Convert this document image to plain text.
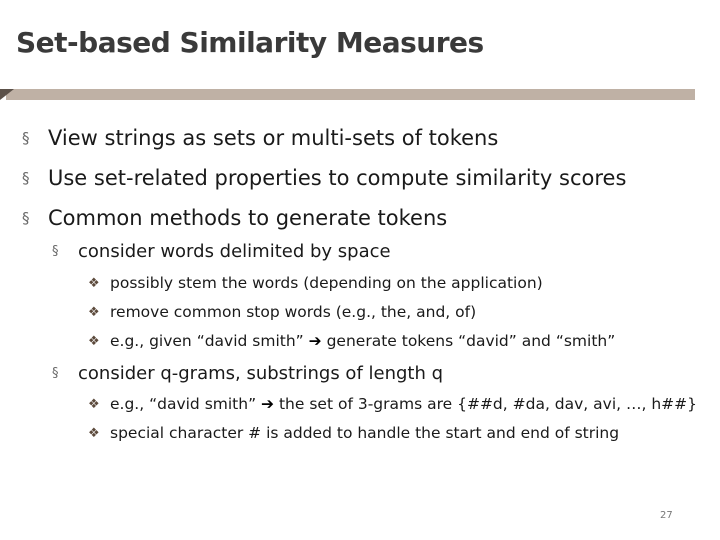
Set-based Similarity Measures
§ View strings as sets or multi-sets of tokens
§ Use set-related properties to compute similarity scores
§ Common methods to generate tokens
§ consider words delimited by space
❖ possibly stem the words (depending on the application)
❖ remove common stop words (e.g., the, and, of)
❖ e.g., given “david smith” ➔ generate tokens “david” and “smith”
§ consider q-grams, substrings of length q
❖ e.g., “david smith” ➔ the set of 3-grams are {##d, #da, dav, avi, …, h##}
❖ special character # is added to handle the start and end of string
27
